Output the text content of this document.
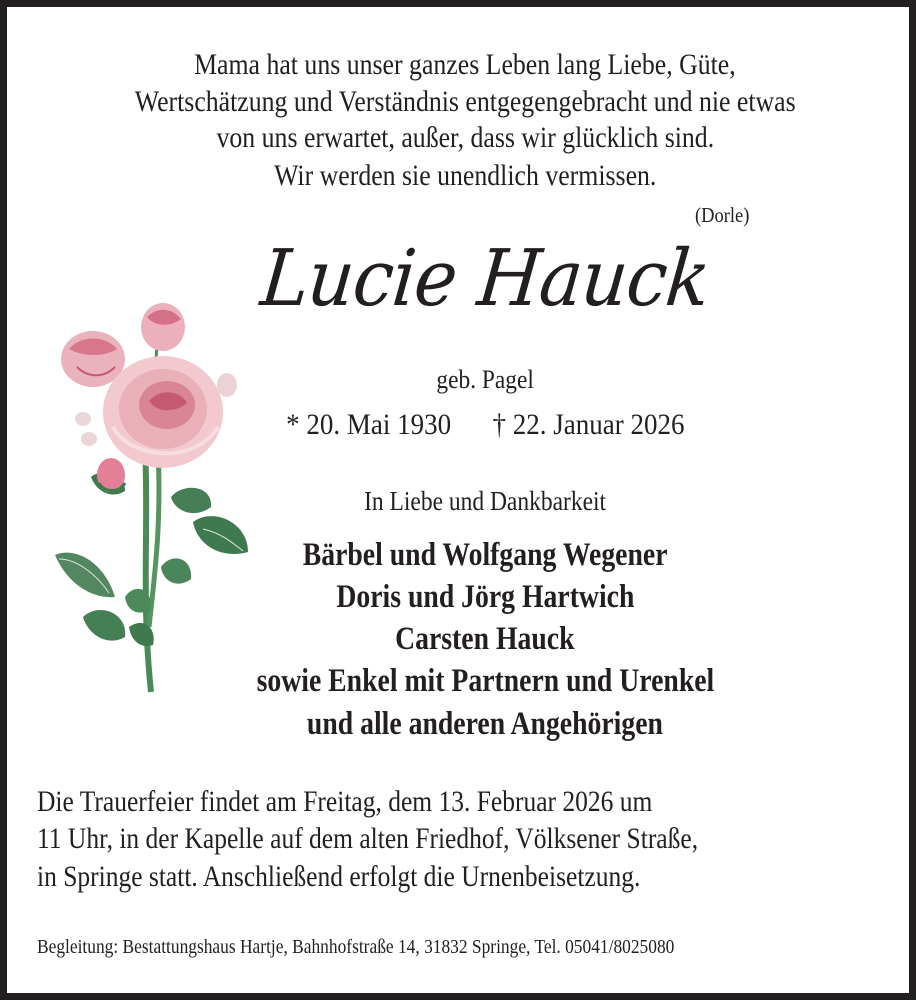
Mama hat uns unser ganzes Leben lang Liebe, Güte,
Wertschätzung und Verständnis entgegengebracht und nie etwas
von uns erwartet, außer, dass wir glücklich sind.
Wir werden sie unendlich vermissen.
(Dorle)
Lucie Hauck
geb. Pagel
* 20. Mai 1930 † 22. Januar 2026
In Liebe und Dankbarkeit
Bärbel und Wolfgang Wegener
Doris und Jörg Hartwich
Carsten Hauck
sowie Enkel mit Partnern und Urenkel
und alle anderen Angehörigen
Die Trauerfeier findet am Freitag, dem 13. Februar 2026 um
11 Uhr, in der Kapelle auf dem alten Friedhof, Völksener Straße,
in Springe statt. Anschließend erfolgt die Urnenbeisetzung.
Begleitung: Bestattungshaus Hartje, Bahnhofstraße 14, 31832 Springe, Tel. 05041/8025080
